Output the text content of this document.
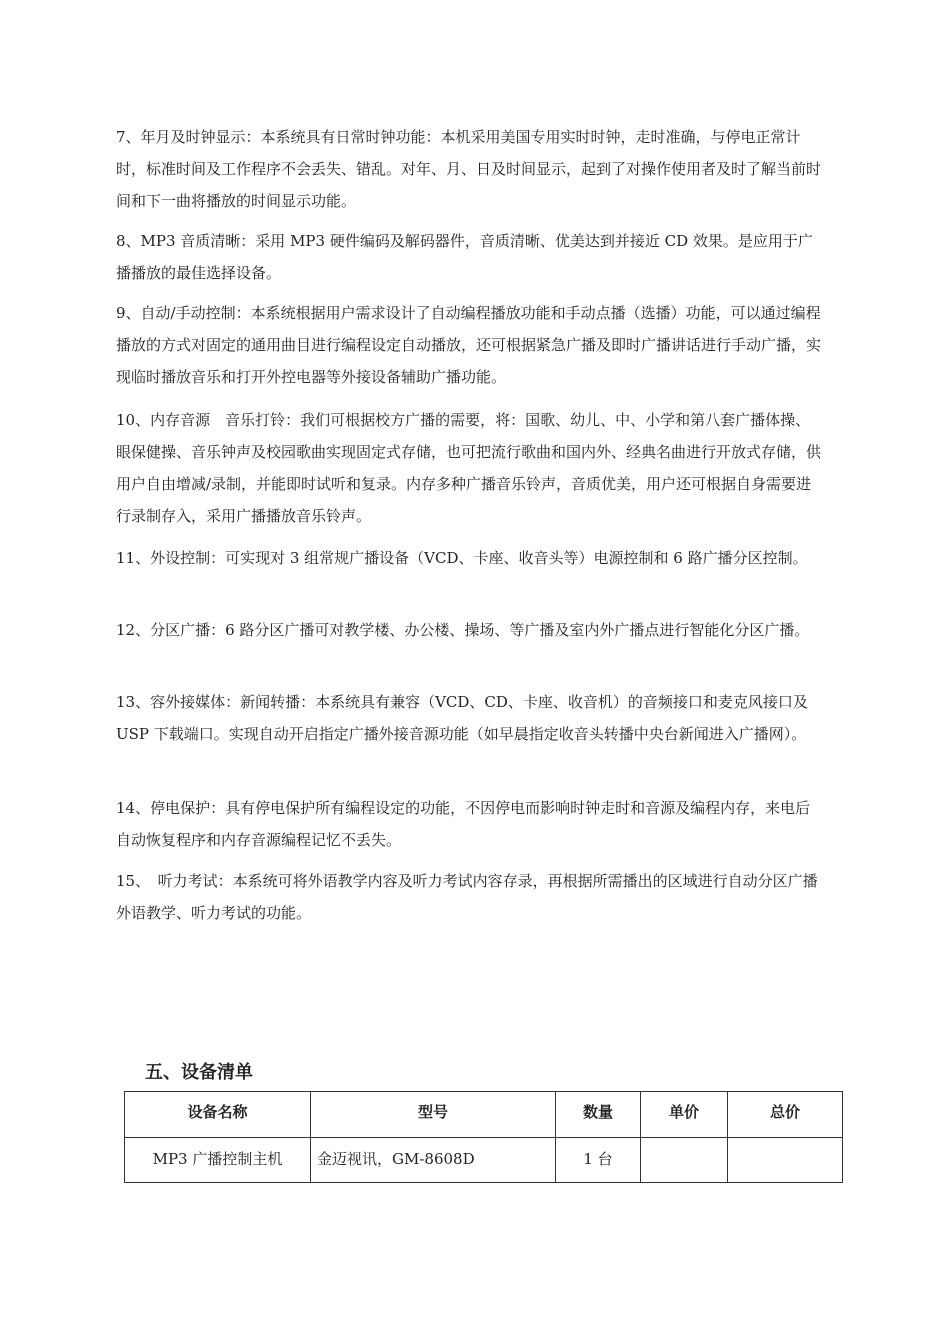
7、年月及时钟显示：本系统具有日常时钟功能：本机采用美国专用实时时钟，走时准确，与停电正常计时，标准时间及工作程序不会丢失、错乱。对年、月、日及时间显示，起到了对操作使用者及时了解当前时间和下一曲将播放的时间显示功能。

8、MP3 音质清晰：采用 MP3 硬件编码及解码器件，音质清晰、优美达到并接近 CD 效果。是应用于广播播放的最佳选择设备。

9、自动/手动控制：本系统根据用户需求设计了自动编程播放功能和手动点播（选播）功能，可以通过编程播放的方式对固定的通用曲目进行编程设定自动播放，还可根据紧急广播及即时广播讲话进行手动广播，实现临时播放音乐和打开外控电器等外接设备辅助广播功能。

10、内存音源　音乐打铃：我们可根据校方广播的需要，将：国歌、幼儿、中、小学和第八套广播体操、眼保健操、音乐钟声及校园歌曲实现固定式存储，也可把流行歌曲和国内外、经典名曲进行开放式存储，供用户自由增减/录制，并能即时试听和复录。内存多种广播音乐铃声，音质优美，用户还可根据自身需要进行录制存入，采用广播播放音乐铃声。

11、外设控制：可实现对 3 组常规广播设备（VCD、卡座、收音头等）电源控制和 6 路广播分区控制。

12、分区广播：6 路分区广播可对教学楼、办公楼、操场、等广播及室内外广播点进行智能化分区广播。

13、容外接媒体：新闻转播：本系统具有兼容（VCD、CD、卡座、收音机）的音频接口和麦克风接口及 USP 下载端口。实现自动开启指定广播外接音源功能（如早晨指定收音头转播中央台新闻进入广播网）。

14、停电保护：具有停电保护所有编程设定的功能，不因停电而影响时钟走时和音源及编程内存，来电后自动恢复程序和内存音源编程记忆不丢失。

15、　听力考试：本系统可将外语教学内容及听力考试内容存录，再根据所需播出的区域进行自动分区广播外语教学、听力考试的功能。

五、设备清单
设备名称	型号	数量	单价	总价
MP3 广播控制主机	金迈视讯，GM-8608D	1 台		
